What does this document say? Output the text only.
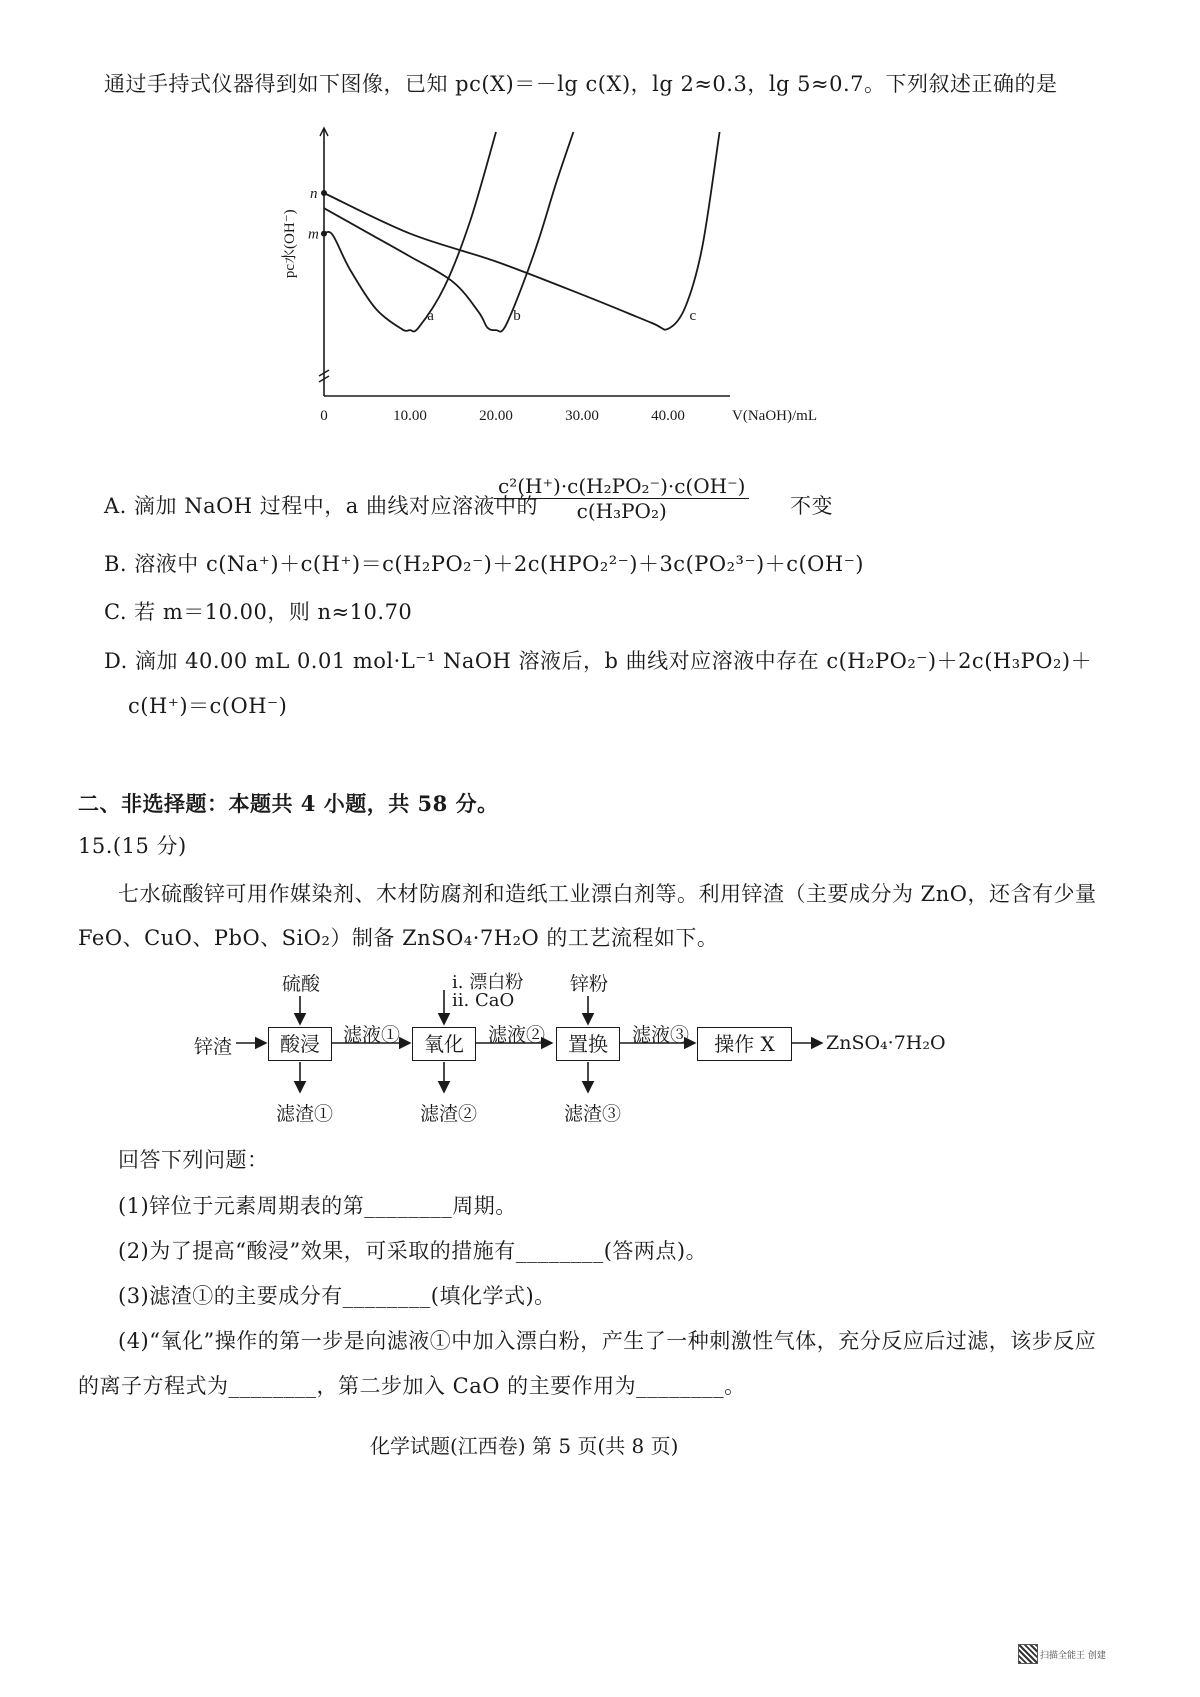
通过手持式仪器得到如下图像，已知 pc(X)＝－lg c(X)，lg 2≈0.3，lg 5≈0.7。下列叙述正确的是
0	10.00	20.00	30.00	40.00	V(NaOH)/mL
pc水(OH⁻)
n
m
a	b	c
A. 滴加 NaOH 过程中，a 曲线对应溶液中的
$\frac{\text{c²(H⁺)·c(H₂PO₂⁻)·c(OH⁻)}}{\text{c(H₃PO₂)}}$ 不变
B. 溶液中 c(Na⁺)＋c(H⁺)＝c(H₂PO₂⁻)＋2c(HPO₂²⁻)＋3c(PO₂³⁻)＋c(OH⁻)
C. 若 m＝10.00，则 n≈10.70
D. 滴加 40.00 mL 0.01 mol·L⁻¹ NaOH 溶液后，b 曲线对应溶液中存在 c(H₂PO₂⁻)＋2c(H₃PO₂)＋
c(H⁺)＝c(OH⁻)
二、非选择题：本题共 4 小题，共 58 分。
15.(15 分)
七水硫酸锌可用作媒染剂、木材防腐剂和造纸工业漂白剂等。利用锌渣（主要成分为 ZnO，还含有少量
FeO、CuO、PbO、SiO₂）制备 ZnSO₄·7H₂O 的工艺流程如下。
锌渣	酸浸	氧化	置换	操作 X	ZnSO₄·7H₂O
硫酸	ⅰ. 漂白粉
ⅱ. CaO
锌粉
滤液①	滤液②	滤液③
滤渣①	滤渣②	滤渣③
回答下列问题：
(1)锌位于元素周期表的第________周期。
(2)为了提高“酸浸”效果，可采取的措施有________(答两点)。
(3)滤渣①的主要成分有________(填化学式)。
(4)“氧化”操作的第一步是向滤液①中加入漂白粉，产生了一种刺激性气体，充分反应后过滤，该步反应
的离子方程式为________，第二步加入 CaO 的主要作用为________。
化学试题(江西卷) 第 5 页(共 8 页)
扫描全能王 创建
